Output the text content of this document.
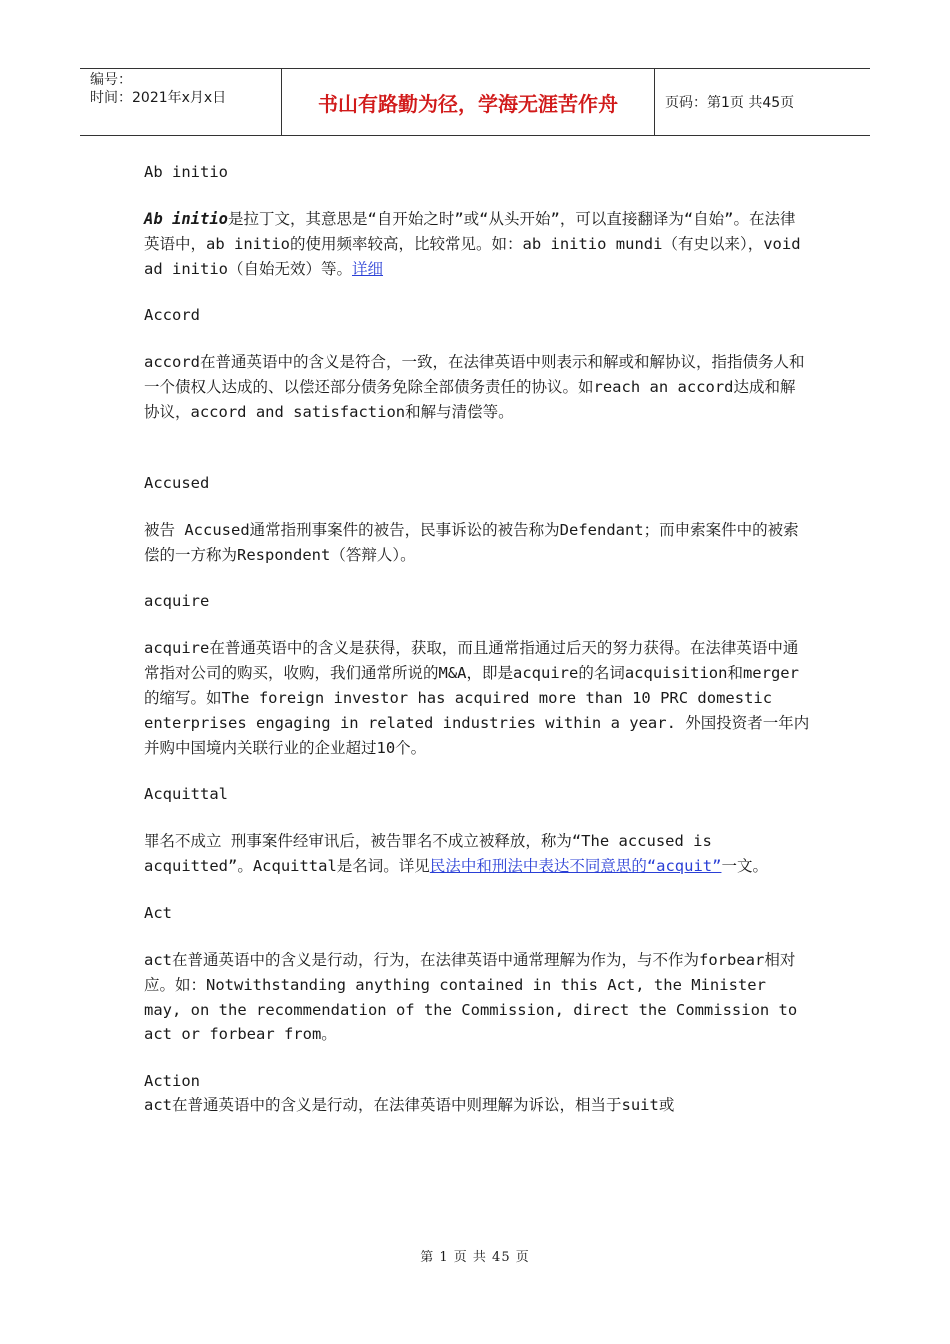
编号：
时间：2021年x月x日	书山有路勤为径，学海无涯苦作舟	页码：第1页 共45页

Ab initio

Ab initio是拉丁文，其意思是“自开始之时”或“从头开始”，可以直接翻译为“自始”。在法律英语中，ab initio的使用频率较高，比较常见。如：ab initio mundi（有史以来），void ad initio（自始无效）等。详细

Accord

accord在普通英语中的含义是符合，一致，在法律英语中则表示和解或和解协议，指指债务人和一个债权人达成的、以偿还部分债务免除全部债务责任的协议。如reach an accord达成和解协议，accord and satisfaction和解与清偿等。

Accused

被告 Accused通常指刑事案件的被告，民事诉讼的被告称为Defendant；而申索案件中的被索偿的一方称为Respondent（答辩人）。

acquire

acquire在普通英语中的含义是获得，获取，而且通常指通过后天的努力获得。在法律英语中通常指对公司的购买，收购，我们通常所说的M&A，即是acquire的名词acquisition和merger的缩写。如The foreign investor has acquired more than 10 PRC domestic enterprises engaging in related industries within a year. 外国投资者一年内并购中国境内关联行业的企业超过10个。

Acquittal

罪名不成立 刑事案件经审讯后，被告罪名不成立被释放，称为“The accused is acquitted”。Acquittal是名词。详见民法中和刑法中表达不同意思的“acquit”一文。

Act

act在普通英语中的含义是行动，行为，在法律英语中通常理解为作为，与不作为forbear相对应。如：Notwithstanding anything contained in this Act, the Minister may, on the recommendation of the Commission, direct the Commission to act or forbear from。

Action

act在普通英语中的含义是行动，在法律英语中则理解为诉讼，相当于suit或

第 1 页 共 45 页
